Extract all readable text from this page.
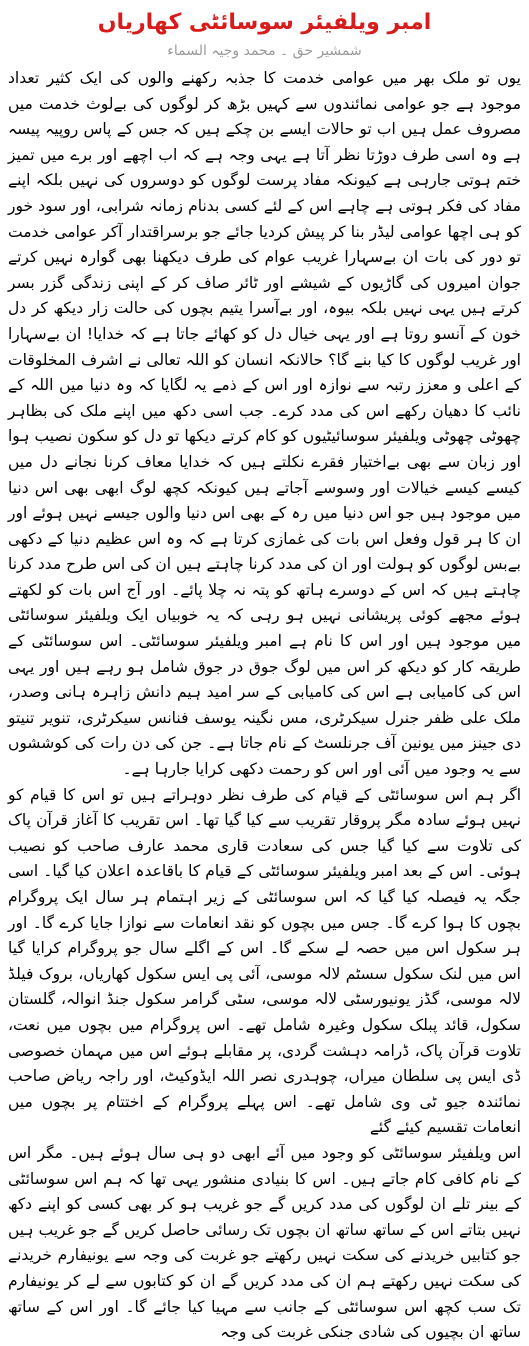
امبر ویلفیئر سوسائٹی کھاریاں
شمشیر حق ۔ محمد وجیہ السماء

یوں تو ملک بھر میں عوامی خدمت کا جذبہ رکھنے والوں کی ایک کثیر تعداد موجود ہے جو عوامی نمائندوں سے کہیں بڑھ کر لوگوں کی بےلوث خدمت میں مصروف عمل ہیں اب تو حالات ایسے بن چکے ہیں کہ جس کے پاس روپیہ پیسہ ہے وہ اسی طرف دوڑتا نظر آتا ہے یہی وجہ ہے کہ اب اچھے اور برے میں تمیز ختم ہوتی جارہی ہے کیونکہ مفاد پرست لوگوں کو دوسروں کی نہیں بلکہ اپنے مفاد کی فکر ہوتی ہے چاہے اس کے لئے کسی بدنام زمانہ شرابی، اور سود خور کو ہی اچھا عوامی لیڈر بنا کر پیش کردیا جائے جو برسراقتدار آکر عوامی خدمت تو دور کی بات ان بےسہارا غریب عوام کی طرف دیکھنا بھی گوارہ نہیں کرتے جوان امیروں کی گاڑیوں کے شیشے اور ٹائر صاف کر کے اپنی زندگی گزر بسر کرتے ہیں یہی نہیں بلکہ بیوہ، اور بےآسرا یتیم بچوں کی حالت زار دیکھ کر دل خون کے آنسو روتا ہے اور یہی خیال دل کو کھائے جاتا ہے کہ خدایا! ان بےسہارا اور غریب لوگوں کا کیا بنے گا؟ حالانکہ انسان کو اللہ تعالی نے اشرف المخلوقات کے اعلی و معزز رتبہ سے نوازہ اور اس کے ذمے یہ لگایا کہ وہ دنیا میں اللہ کے نائب کا دھیان رکھے اس کی مدد کرے۔ جب اسی دکھ میں اپنے ملک کی بظاہر چھوٹی چھوٹی ویلفیئر سوسائیٹیوں کو کام کرتے دیکھا تو دل کو سکون نصیب ہوا اور زبان سے بھی بےاختیار فقرے نکلتے ہیں کہ خدایا معاف کرنا نجانے دل میں کیسے کیسے خیالات اور وسوسے آجاتے ہیں کیونکہ کچھ لوگ ابھی بھی اس دنیا میں موجود ہیں جو اس دنیا میں رہ کے بھی اس دنیا والوں جیسے نہیں ہوئے اور ان کا ہر قول وفعل اس بات کی غمازی کرتا ہے کہ وہ اس عظیم دنیا کے دکھی بےبس لوگوں کو ہولت اور ان کی مدد کرنا چاہتے ہیں ان کی اس طرح مدد کرنا چاہتے ہیں کہ اس کے دوسرے ہاتھ کو پتہ نہ چلا پائے۔ اور آج اس بات کو لکھتے ہوئے مجھے کوئی پریشانی نہیں ہو رہی کہ یہ خوبیاں ایک ویلفیئر سوسائٹی میں موجود ہیں اور اس کا نام ہے امبر ویلفیئر سوسائٹی۔ اس سوسائٹی کے طریقہ کار کو دیکھ کر اس میں لوگ جوق در جوق شامل ہو رہے ہیں اور یہی اس کی کامیابی ہے اس کی کامیابی کے سر امید ہیم دانش زاہرہ ہانی وصدر، ملک علی ظفر جنرل سیکرٹری، مس نگینہ یوسف فنانس سیکرٹری، تنویر تنیتو دی جینز میں یونین آف جرنلسٹ کے نام جاتا ہے۔ جن کی دن رات کی کوششوں سے یہ وجود میں آئی اور اس کو رحمت دکھی کرایا جارہا ہے۔

اگر ہم اس سوسائٹی کے قیام کی طرف نظر دوہراتے ہیں تو اس کا قیام کو نہیں ہوئے سادہ مگر پروقار تقریب سے کیا گیا تھا۔ اس تقریب کا آغاز قرآن پاک کی تلاوت سے کیا گیا جس کی سعادت قاری محمد عارف صاحب کو نصیب ہوئی۔ اس کے بعد امبر ویلفیئر سوسائٹی کے قیام کا باقاعدہ اعلان کیا گیا۔ اسی جگہ یہ فیصلہ کیا گیا کہ اس سوسائٹی کے زیر اہتمام ہر سال ایک پروگرام بچوں کا ہوا کرے گا۔ جس میں بچوں کو نقد انعامات سے نوازا جایا کرے گا۔ اور ہر سکول اس میں حصہ لے سکے گا۔ اس کے اگلے سال جو پروگرام کرایا گیا اس میں لنک سکول سسٹم لالہ موسی، آئی پی ایس سکول کھاریاں، بروک فیلڈ لالہ موسی، گڈز یونیورسٹی لالہ موسی، سٹی گرامر سکول جنڈ انوالہ، گلستان سکول، قائد پبلک سکول وغیرہ شامل تھے۔ اس پروگرام میں بچوں میں نعت، تلاوت قرآن پاک، ڈرامہ دہشت گردی، پر مقابلے ہوئے اس میں مہمان خصوصی ڈی ایس پی سلطان میراں، چوہدری نصر اللہ ایڈوکیٹ، اور راجہ ریاض صاحب نمائندہ جیو ٹی وی شامل تھے۔ اس پہلے پروگرام کے اختتام پر بچوں میں انعامات تقسیم کیئے گئے

اس ویلفیئر سوسائٹی کو وجود میں آئے ابھی دو ہی سال ہوئے ہیں۔ مگر اس کے نام کافی کام جاتے ہیں۔ اس کا بنیادی منشور یہی تھا کہ ہم اس سوسائٹی کے بینر تلے ان لوگوں کی مدد کریں گے جو غریب ہو کر بھی کسی کو اپنے دکھ نہیں بتاتے اس کے ساتھ ساتھ ان بچوں تک رسائی حاصل کریں گے جو غریب ہیں جو کتابیں خریدنے کی سکت نہیں رکھتے جو غربت کی وجہ سے یونیفارم خریدنے کی سکت نہیں رکھتے ہم ان کی مدد کریں گے ان کو کتابوں سے لے کر یونیفارم تک سب کچھ اس سوسائٹی کے جانب سے مہیا کیا جائے گا۔ اور اس کے ساتھ ساتھ ان بچیوں کی شادی جنکی غربت کی وجہ
